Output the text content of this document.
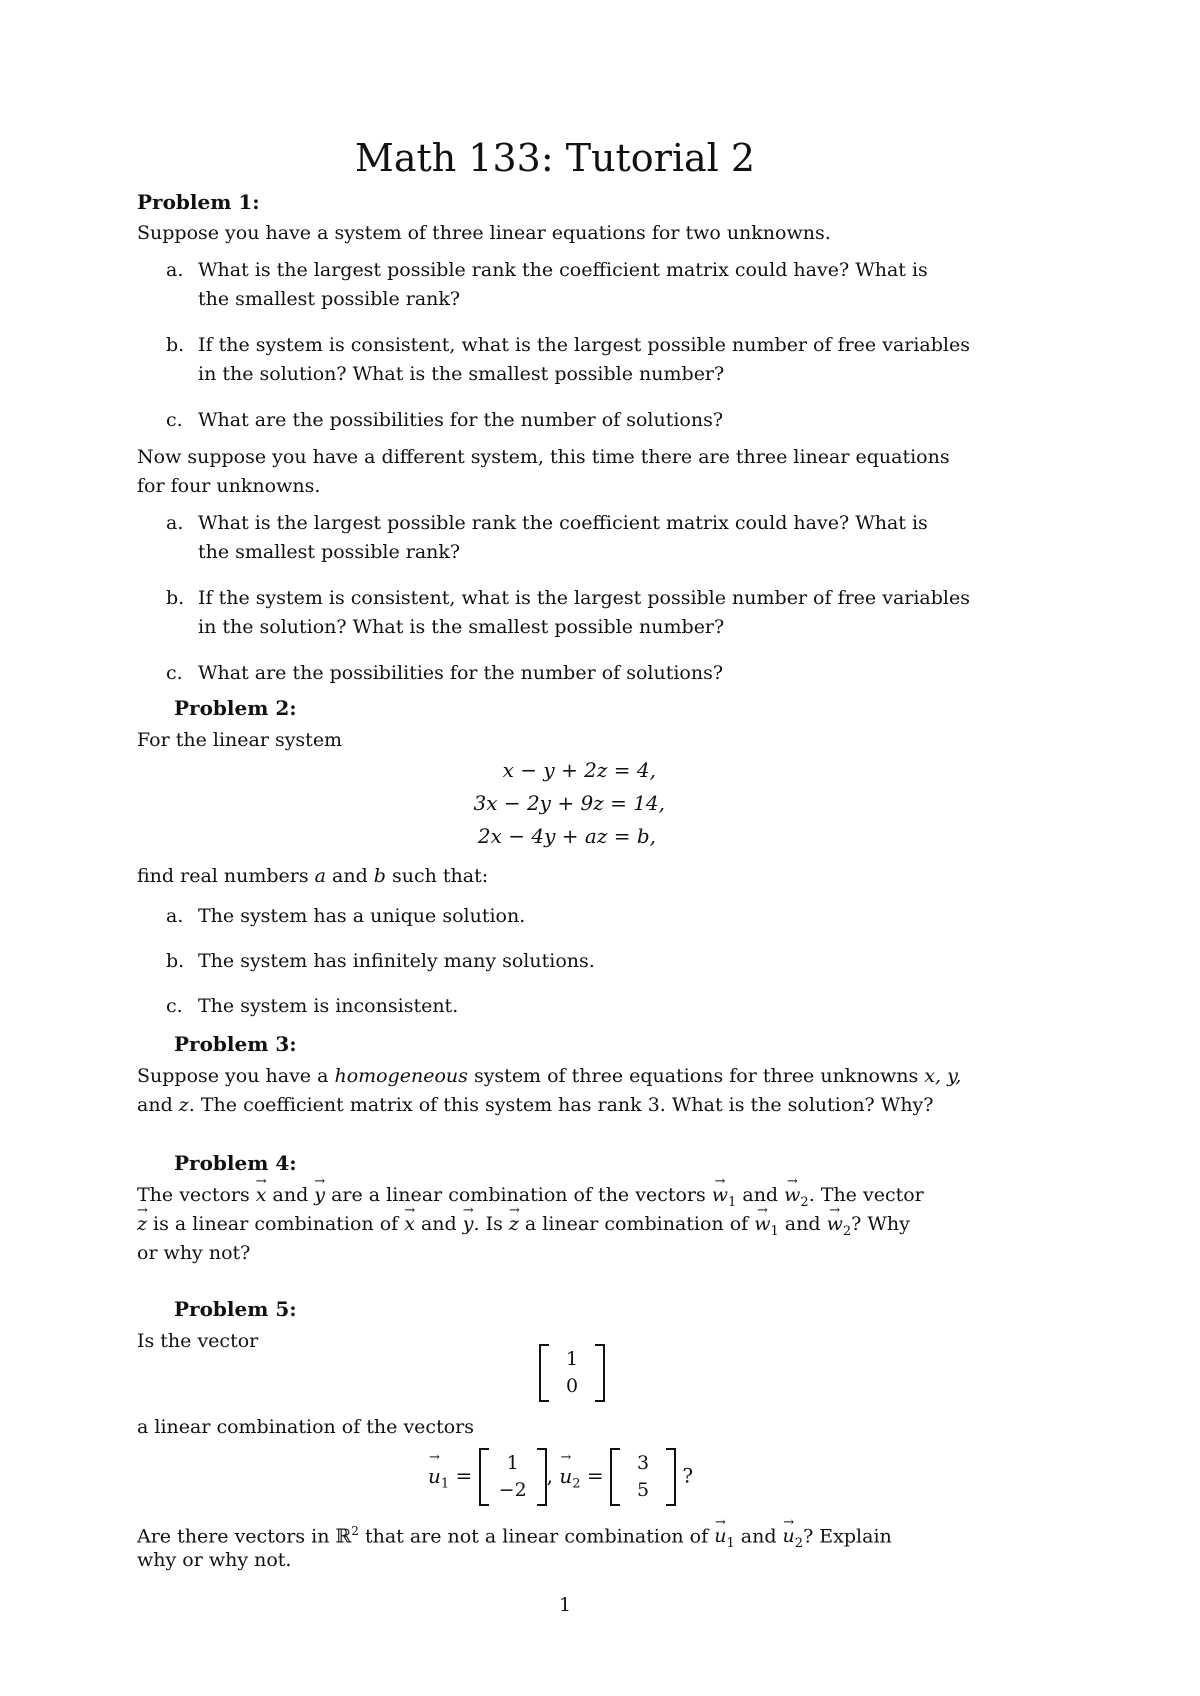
Math 133: Tutorial 2
Problem 1:
Suppose you have a system of three linear equations for two unknowns.
a. What is the largest possible rank the coefficient matrix could have? What is
the smallest possible rank?
b. If the system is consistent, what is the largest possible number of free variables
in the solution? What is the smallest possible number?
c. What are the possibilities for the number of solutions?
Now suppose you have a different system, this time there are three linear equations
for four unknowns.
a. What is the largest possible rank the coefficient matrix could have? What is
the smallest possible rank?
b. If the system is consistent, what is the largest possible number of free variables
in the solution? What is the smallest possible number?
c. What are the possibilities for the number of solutions?
Problem 2:
For the linear system
x − y + 2z = 4,
3x − 2y + 9z = 14,
2x − 4y + az = b,
find real numbers a and b such that:
a. The system has a unique solution.
b. The system has infinitely many solutions.
c. The system is inconsistent.
Problem 3:
Suppose you have a homogeneous system of three equations for three unknowns x, y,
and z. The coefficient matrix of this system has rank 3. What is the solution? Why?
Problem 4:
The vectors → x and → y are a linear combination of the vectors → $w_1$ and → $w_2$. The vector
→ z is a linear combination of → x and → y. Is → z a linear combination of → $w_1$ and → $w_2$? Why
or why not?
Problem 5:
Is the vector
1
0
a linear combination of the vectors
→ $u_1$ =
1
−2
, → $u_2$ =
3
5
?
Are there vectors in ℝ$^2$ that are not a linear combination of → $u_1$ and → $u_2$? Explain
why or why not.
1
